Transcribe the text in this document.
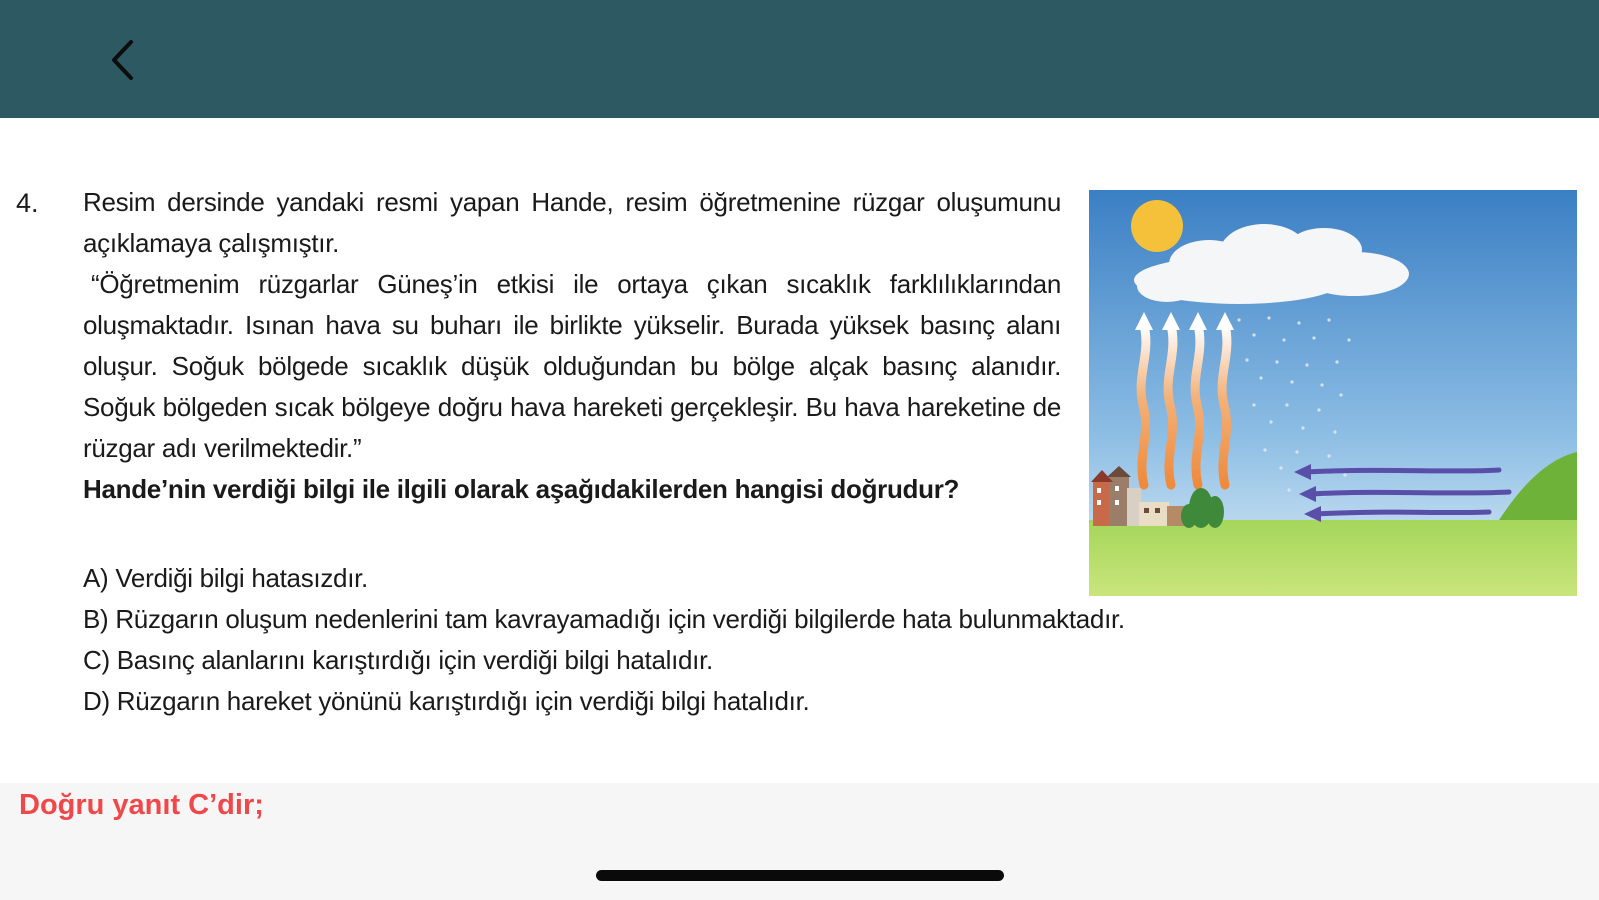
4. Resim dersinde yandaki resmi yapan Hande, resim öğretmenine rüzgar oluşumunu açıklamaya çalışmıştır.

“Öğretmenim rüzgarlar Güneş’in etkisi ile ortaya çıkan sıcaklık farklılıklarından oluşmaktadır. Isınan hava su buharı ile birlikte yükselir. Burada yüksek basınç alanı oluşur. Soğuk bölgede sıcaklık düşük olduğundan bu bölge alçak basınç alanıdır. Soğuk bölgeden sıcak bölgeye doğru hava hareketi gerçekleşir. Bu hava hareketine de rüzgar adı verilmektedir.”

Hande’nin verdiği bilgi ile ilgili olarak aşağıdakilerden hangisi doğrudur?

A) Verdiği bilgi hatasızdır.
B) Rüzgarın oluşum nedenlerini tam kavrayamadığı için verdiği bilgilerde hata bulunmaktadır.
C) Basınç alanlarını karıştırdığı için verdiği bilgi hatalıdır.
D) Rüzgarın hareket yönünü karıştırdığı için verdiği bilgi hatalıdır.
Doğru yanıt C’dir;
